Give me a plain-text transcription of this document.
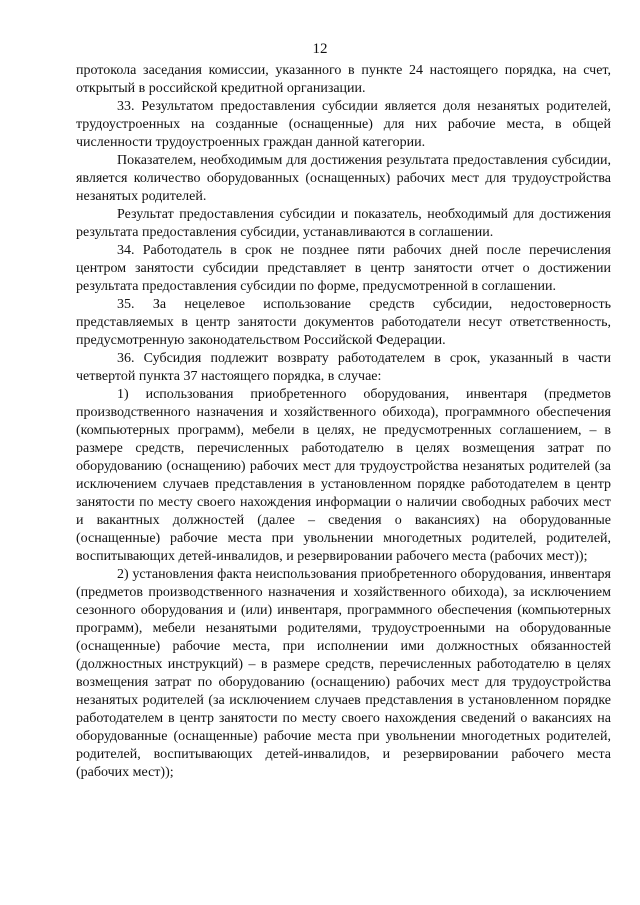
12

протокола заседания комиссии, указанного в пункте 24 настоящего порядка, на счет, открытый в российской кредитной организации.

33. Результатом предоставления субсидии является доля незанятых родителей, трудоустроенных на созданные (оснащенные) для них рабочие места, в общей численности трудоустроенных граждан данной категории.

Показателем, необходимым для достижения результата предоставления субсидии, является количество оборудованных (оснащенных) рабочих мест для трудоустройства незанятых родителей.

Результат предоставления субсидии и показатель, необходимый для достижения результата предоставления субсидии, устанавливаются в соглашении.

34. Работодатель в срок не позднее пяти рабочих дней после перечисления центром занятости субсидии представляет в центр занятости отчет о достижении результата предоставления субсидии по форме, предусмотренной в соглашении.

35. За нецелевое использование средств субсидии, недостоверность представляемых в центр занятости документов работодатели несут ответственность, предусмотренную законодательством Российской Федерации.

36. Субсидия подлежит возврату работодателем в срок, указанный в части четвертой пункта 37 настоящего порядка, в случае:

1) использования приобретенного оборудования, инвентаря (предметов производственного назначения и хозяйственного обихода), программного обеспечения (компьютерных программ), мебели в целях, не предусмотренных соглашением, – в размере средств, перечисленных работодателю в целях возмещения затрат по оборудованию (оснащению) рабочих мест для трудоустройства незанятых родителей (за исключением случаев представления в установленном порядке работодателем в центр занятости по месту своего нахождения информации о наличии свободных рабочих мест и вакантных должностей (далее – сведения о вакансиях) на оборудованные (оснащенные) рабочие места при увольнении многодетных родителей, родителей, воспитывающих детей-инвалидов, и резервировании рабочего места (рабочих мест));

2) установления факта неиспользования приобретенного оборудования, инвентаря (предметов производственного назначения и хозяйственного обихода), за исключением сезонного оборудования и (или) инвентаря, программного обеспечения (компьютерных программ), мебели незанятыми родителями, трудоустроенными на оборудованные (оснащенные) рабочие места, при исполнении ими должностных обязанностей (должностных инструкций) – в размере средств, перечисленных работодателю в целях возмещения затрат по оборудованию (оснащению) рабочих мест для трудоустройства незанятых родителей (за исключением случаев представления в установленном порядке работодателем в центр занятости по месту своего нахождения сведений о вакансиях на оборудованные (оснащенные) рабочие места при увольнении многодетных родителей, родителей, воспитывающих детей-инвалидов, и резервировании рабочего места (рабочих мест));
